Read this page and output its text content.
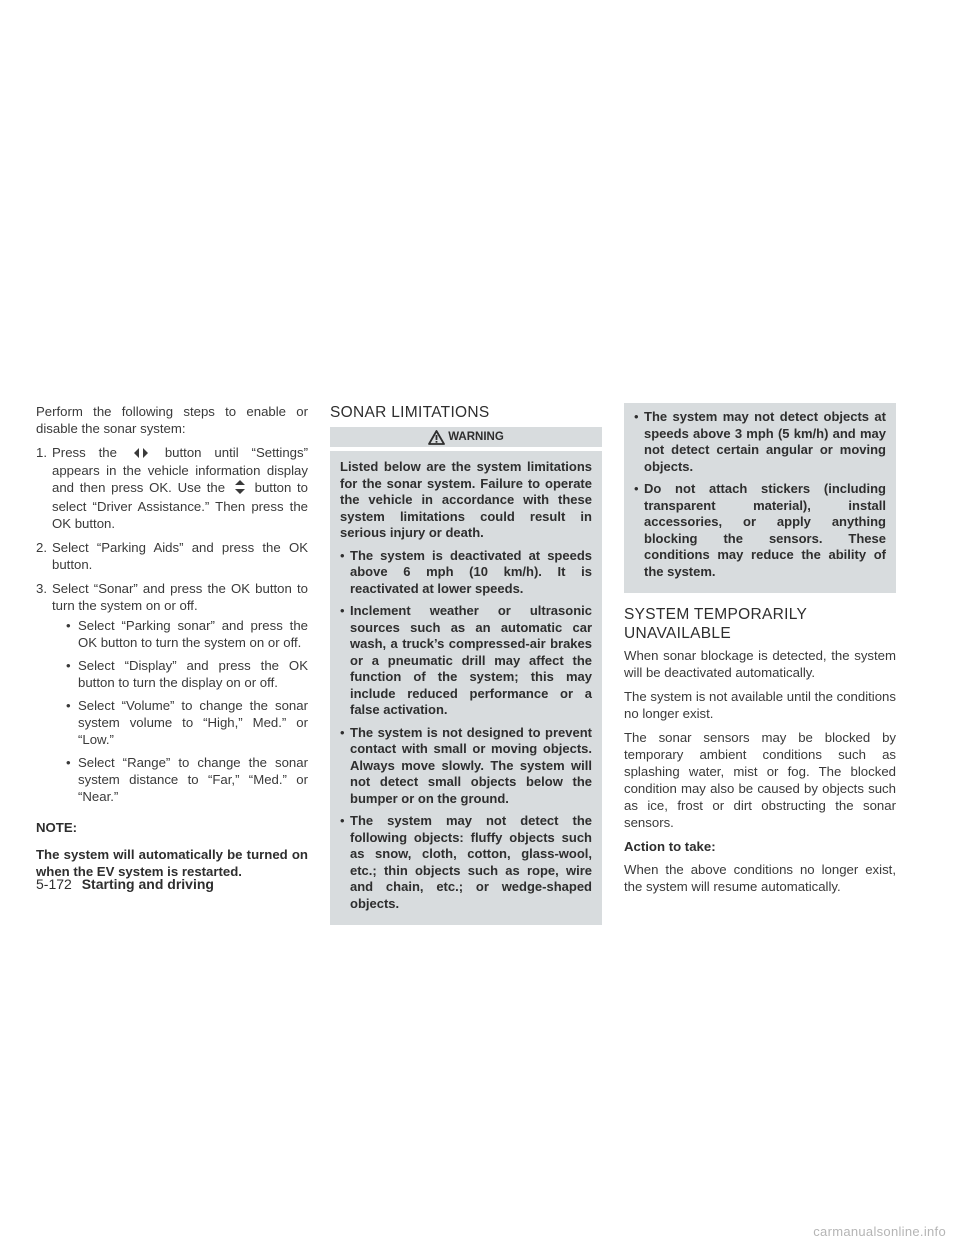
Perform the following steps to enable or disable the sonar system:

1. Press the	button until “Settings” appears in the vehicle information display and then press OK. Use the button to select “Driver Assistance.” Then press the OK button.
2. Select “Parking Aids” and press the OK button.
3. Select “Sonar” and press the OK button to turn the system on or off.
• Select “Parking sonar” and press the OK button to turn the system on or off.
• Select “Display” and press the OK button to turn the display on or off.
• Select “Volume” to change the sonar system volume to “High,” Med.” or “Low.”
• Select “Range” to change the sonar system distance to “Far,” “Med.” or “Near.”
NOTE:

The system will automatically be turned on when the EV system is restarted.

SONAR LIMITATIONS
WARNING

Listed below are the system limitations for the sonar system. Failure to operate the vehicle in accordance with these system limitations could result in serious injury or death.

• The system is deactivated at speeds above 6 mph (10 km/h). It is reactivated at lower speeds.
• Inclement weather or ultrasonic sources such as an automatic car wash, a truck’s compressed-air brakes or a pneumatic drill may affect the function of the system; this may include reduced performance or a false activation.
• The system is not designed to prevent contact with small or moving objects. Always move slowly. The system will not detect small objects below the bumper or on the ground.
• The system may not detect the following objects: fluffy objects such as snow, cloth, cotton, glass-wool, etc.; thin objects such as rope, wire and chain, etc.; or wedge-shaped objects.
• The system may not detect objects at speeds above 3 mph (5 km/h) and may not detect certain angular or moving objects.
• Do not attach stickers (including transparent material), install accessories, or apply anything blocking the sensors. These conditions may reduce the ability of the system.
SYSTEM TEMPORARILY
UNAVAILABLE

When sonar blockage is detected, the system will be deactivated automatically.

The system is not available until the conditions no longer exist.

The sonar sensors may be blocked by temporary ambient conditions such as splashing water, mist or fog. The blocked condition may also be caused by objects such as ice, frost or dirt obstructing the sonar sensors.

Action to take:

When the above conditions no longer exist, the system will resume automatically.

5-172 Starting and driving
carmanualsonline.info
